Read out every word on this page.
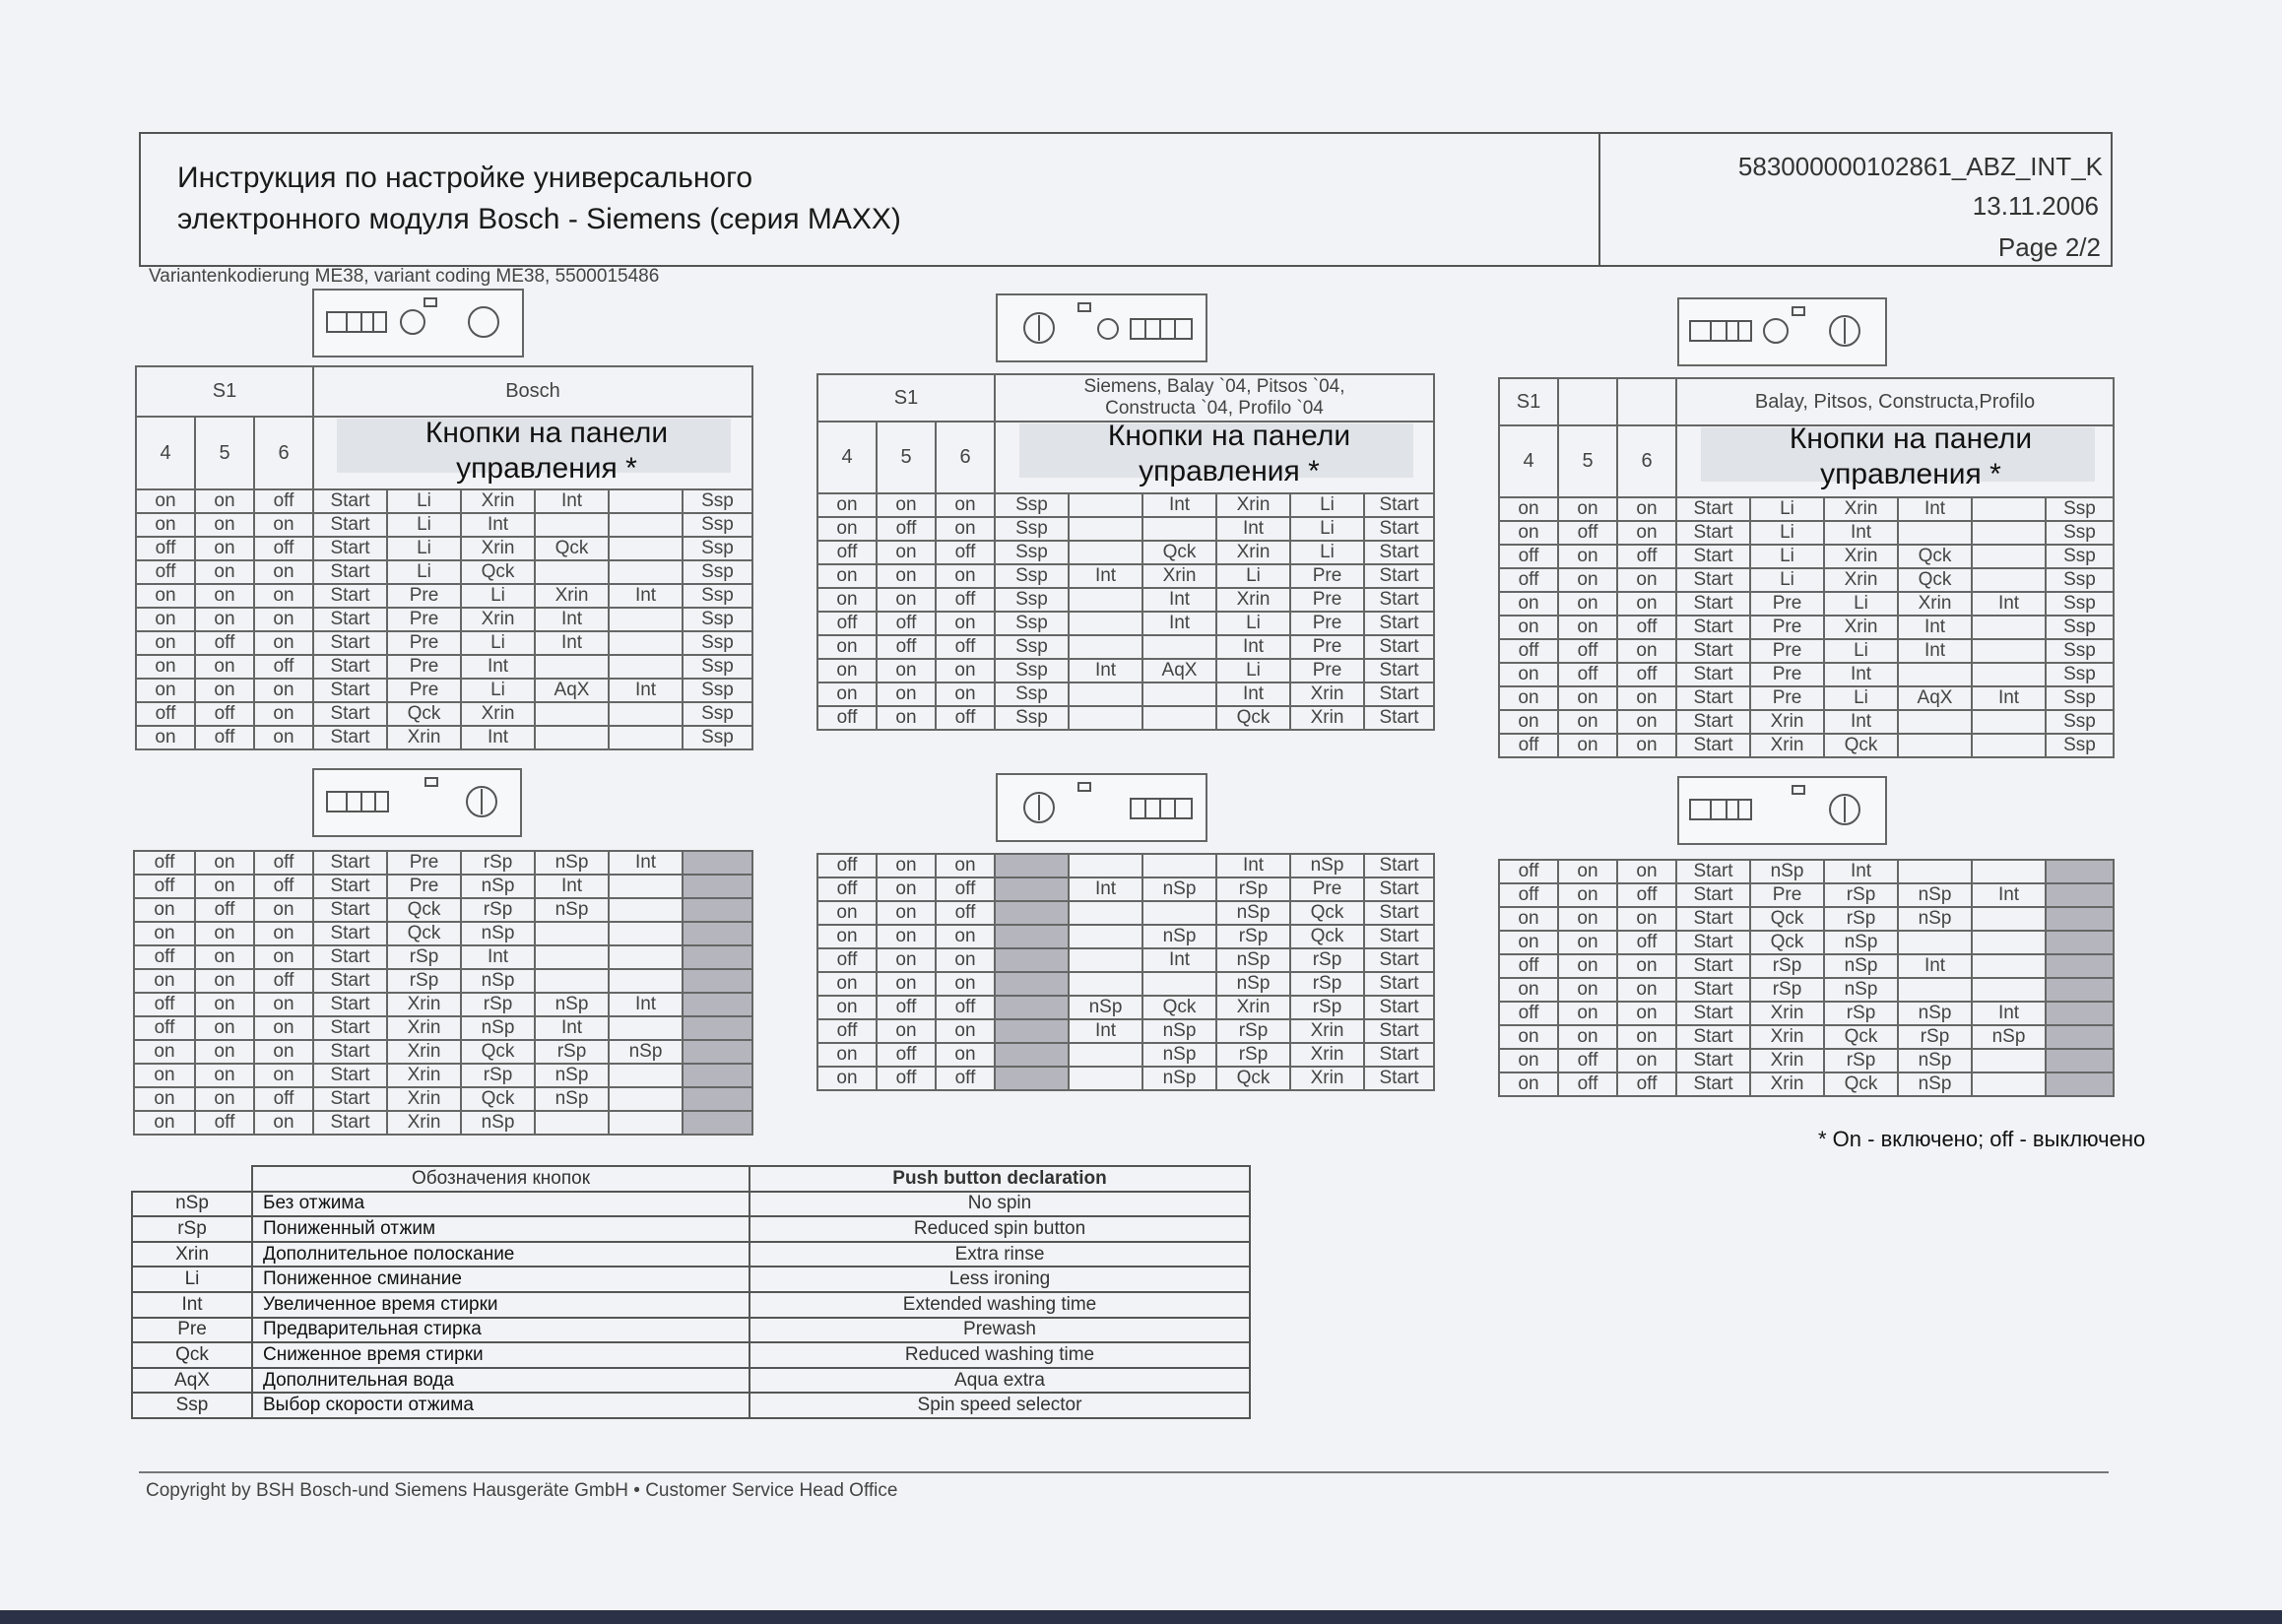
Инструкция по настройке универсального
электронного модуля Bosch - Siemens (серия MAXX)
583000000102861_ABZ_INT_K
13.11.2006
Page 2/2
Variantenkodierung ME38, variant coding ME38, 5500015486
S1	Bosch
4	5	6	
on	on	off	Start	Li	Xrin	Int		Ssp
on	on	on	Start	Li	Int			Ssp
off	on	off	Start	Li	Xrin	Qck		Ssp
off	on	on	Start	Li	Qck			Ssp
on	on	on	Start	Pre	Li	Xrin	Int	Ssp
on	on	on	Start	Pre	Xrin	Int		Ssp
on	off	on	Start	Pre	Li	Int		Ssp
on	on	off	Start	Pre	Int			Ssp
on	on	on	Start	Pre	Li	AqX	Int	Ssp
off	off	on	Start	Qck	Xrin			Ssp
on	off	on	Start	Xrin	Int			Ssp
off	on	off	Start	Pre	rSp	nSp	Int	
off	on	off	Start	Pre	nSp	Int		
on	off	on	Start	Qck	rSp	nSp		
on	on	on	Start	Qck	nSp			
off	on	on	Start	rSp	Int			
on	on	off	Start	rSp	nSp			
off	on	on	Start	Xrin	rSp	nSp	Int	
off	on	on	Start	Xrin	nSp	Int		
on	on	on	Start	Xrin	Qck	rSp	nSp	
on	on	on	Start	Xrin	rSp	nSp		
on	on	off	Start	Xrin	Qck	nSp		
on	off	on	Start	Xrin	nSp			
S1	Siemens, Balay `04, Pitsos `04,
Constructa `04, Profilo `04
4	5	6	
on	on	on	Ssp		Int	Xrin	Li	Start
on	off	on	Ssp			Int	Li	Start
off	on	off	Ssp		Qck	Xrin	Li	Start
on	on	on	Ssp	Int	Xrin	Li	Pre	Start
on	on	off	Ssp		Int	Xrin	Pre	Start
off	off	on	Ssp		Int	Li	Pre	Start
on	off	off	Ssp			Int	Pre	Start
on	on	on	Ssp	Int	AqX	Li	Pre	Start
on	on	on	Ssp			Int	Xrin	Start
off	on	off	Ssp			Qck	Xrin	Start
off	on	on				Int	nSp	Start
off	on	off		Int	nSp	rSp	Pre	Start
on	on	off				nSp	Qck	Start
on	on	on			nSp	rSp	Qck	Start
off	on	on			Int	nSp	rSp	Start
on	on	on				nSp	rSp	Start
on	off	off		nSp	Qck	Xrin	rSp	Start
off	on	on		Int	nSp	rSp	Xrin	Start
on	off	on			nSp	rSp	Xrin	Start
on	off	off			nSp	Qck	Xrin	Start
S1			Balay, Pitsos, Constructa,Profilo
4	5	6	
on	on	on	Start	Li	Xrin	Int		Ssp
on	off	on	Start	Li	Int			Ssp
off	on	off	Start	Li	Xrin	Qck		Ssp
off	on	on	Start	Li	Xrin	Qck		Ssp
on	on	on	Start	Pre	Li	Xrin	Int	Ssp
on	on	off	Start	Pre	Xrin	Int		Ssp
off	off	on	Start	Pre	Li	Int		Ssp
on	off	off	Start	Pre	Int			Ssp
on	on	on	Start	Pre	Li	AqX	Int	Ssp
on	on	on	Start	Xrin	Int			Ssp
off	on	on	Start	Xrin	Qck			Ssp
off	on	on	Start	nSp	Int			
off	on	off	Start	Pre	rSp	nSp	Int	
on	on	on	Start	Qck	rSp	nSp		
on	on	off	Start	Qck	nSp			
off	on	on	Start	rSp	nSp	Int		
on	on	on	Start	rSp	nSp			
off	on	on	Start	Xrin	rSp	nSp	Int	
on	on	on	Start	Xrin	Qck	rSp	nSp	
on	off	on	Start	Xrin	rSp	nSp		
on	off	off	Start	Xrin	Qck	nSp		
Кнопки на панели
управления *
Кнопки на панели
управления *
Кнопки на панели
управления *
* On - включено; off - выключено
	Обозначения кнопок	Push button declaration
nSp	Без отжима	No spin
rSp	Пониженный отжим	Reduced spin button
Xrin	Дополнительное полоскание	Extra rinse
Li	Пониженное сминание	Less ironing
Int	Увеличенное время стирки	Extended washing time
Pre	Предварительная стирка	Prewash
Qck	Сниженное время стирки	Reduced washing time
AqX	Дополнительная вода	Aqua extra
Ssp	Выбор скорости отжима	Spin speed selector
Copyright by BSH Bosch-und Siemens Hausgeräte GmbH • Customer Service Head Office
